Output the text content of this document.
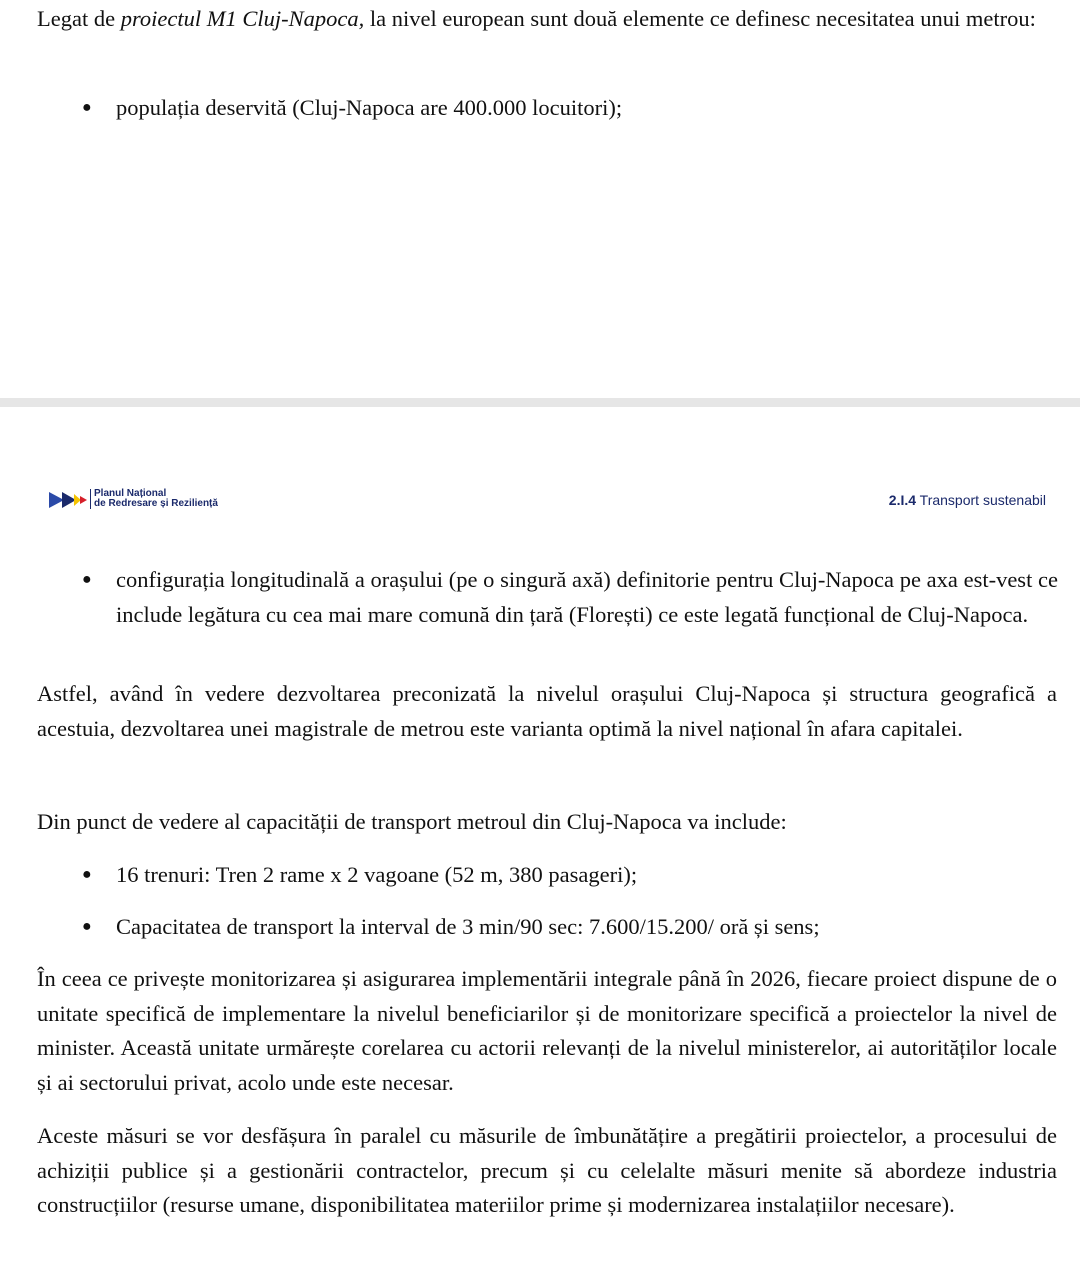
Legat de proiectul M1 Cluj-Napoca, la nivel european sunt două elemente ce definesc necesitatea unui metrou:

●	populația deservită (Cluj-Napoca are 400.000 locuitori);

Planul Național
de Redresare și Reziliență	2.I.4 Transport sustenabil
●	configurația longitudinală a orașului (pe o singură axă) definitorie pentru Cluj-Napoca pe axa est-vest ce include legătura cu cea mai mare comună din țară (Florești) ce este legată funcțional de Cluj-Napoca.

Astfel, având în vedere dezvoltarea preconizată la nivelul orașului Cluj-Napoca și structura geografică a acestuia, dezvoltarea unei magistrale de metrou este varianta optimă la nivel național în afara capitalei.

Din punct de vedere al capacității de transport metroul din Cluj-Napoca va include:

●	16 trenuri: Tren 2 rame x 2 vagoane (52 m, 380 pasageri);

●	Capacitatea de transport la interval de 3 min/90 sec: 7.600/15.200/ oră și sens;

În ceea ce privește monitorizarea și asigurarea implementării integrale până în 2026, fiecare proiect dispune de o unitate specifică de implementare la nivelul beneficiarilor și de monitorizare specifică a proiectelor la nivel de minister. Această unitate urmărește corelarea cu actorii relevanți de la nivelul ministerelor, ai autorităților locale și ai sectorului privat, acolo unde este necesar.

Aceste măsuri se vor desfășura în paralel cu măsurile de îmbunătățire a pregătirii proiectelor, a procesului de achiziții publice și a gestionării contractelor, precum și cu celelalte măsuri menite să abordeze industria construcțiilor (resurse umane, disponibilitatea materiilor prime și modernizarea instalațiilor necesare).
